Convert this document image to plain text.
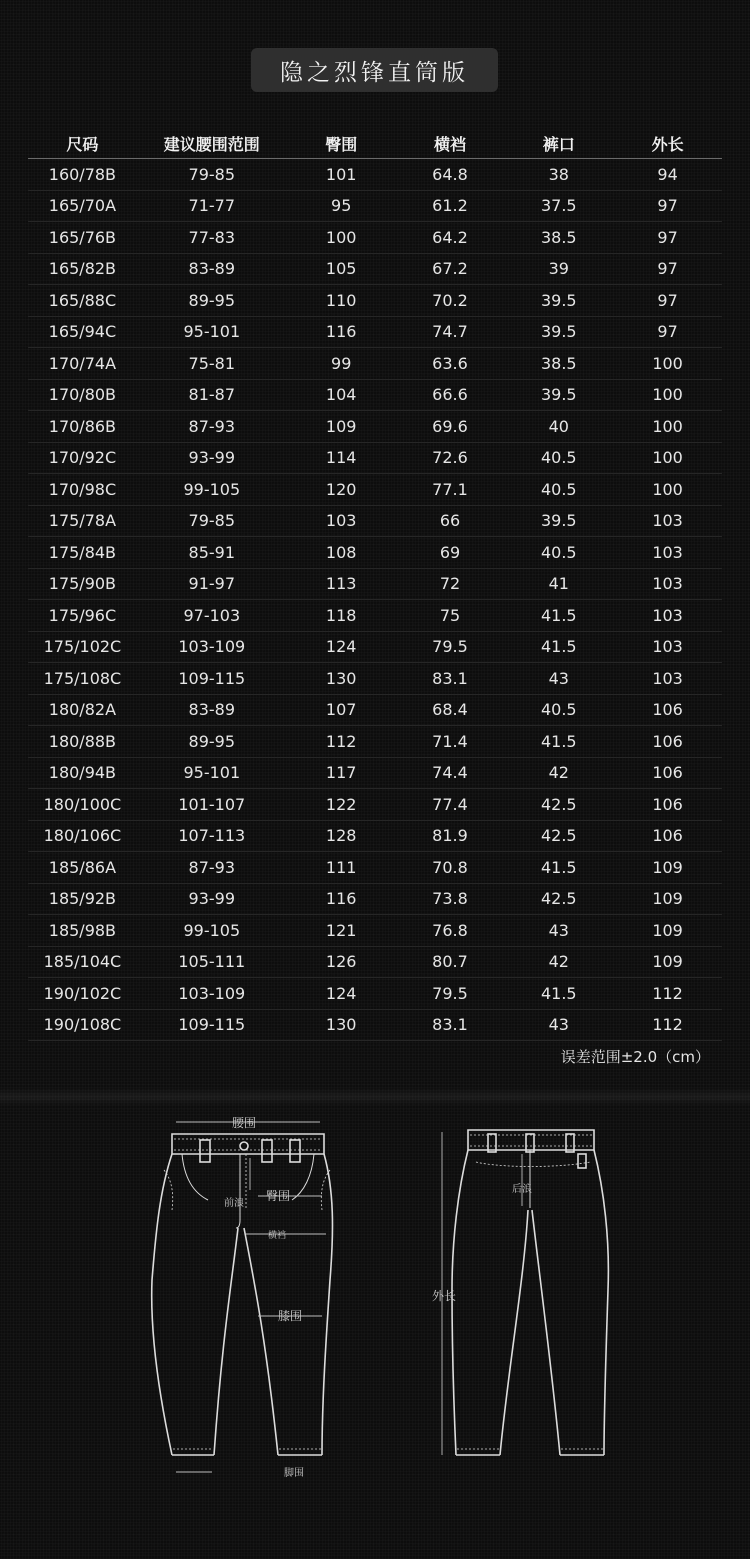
隐之烈锋直筒版
尺码	建议腰围范围	臀围	横裆	裤口	外长
160/78B	79-85	101	64.8	38	94
165/70A	71-77	95	61.2	37.5	97
165/76B	77-83	100	64.2	38.5	97
165/82B	83-89	105	67.2	39	97
165/88C	89-95	110	70.2	39.5	97
165/94C	95-101	116	74.7	39.5	97
170/74A	75-81	99	63.6	38.5	100
170/80B	81-87	104	66.6	39.5	100
170/86B	87-93	109	69.6	40	100
170/92C	93-99	114	72.6	40.5	100
170/98C	99-105	120	77.1	40.5	100
175/78A	79-85	103	66	39.5	103
175/84B	85-91	108	69	40.5	103
175/90B	91-97	113	72	41	103
175/96C	97-103	118	75	41.5	103
175/102C	103-109	124	79.5	41.5	103
175/108C	109-115	130	83.1	43	103
180/82A	83-89	107	68.4	40.5	106
180/88B	89-95	112	71.4	41.5	106
180/94B	95-101	117	74.4	42	106
180/100C	101-107	122	77.4	42.5	106
180/106C	107-113	128	81.9	42.5	106
185/86A	87-93	111	70.8	41.5	109
185/92B	93-99	116	73.8	42.5	109
185/98B	99-105	121	76.8	43	109
185/104C	105-111	126	80.7	42	109
190/102C	103-109	124	79.5	41.5	112
190/108C	109-115	130	83.1	43	112
误差范围±2.0（cm）
腰围
臀围
前浪
横裆
膝围
脚围
后浪
外长
